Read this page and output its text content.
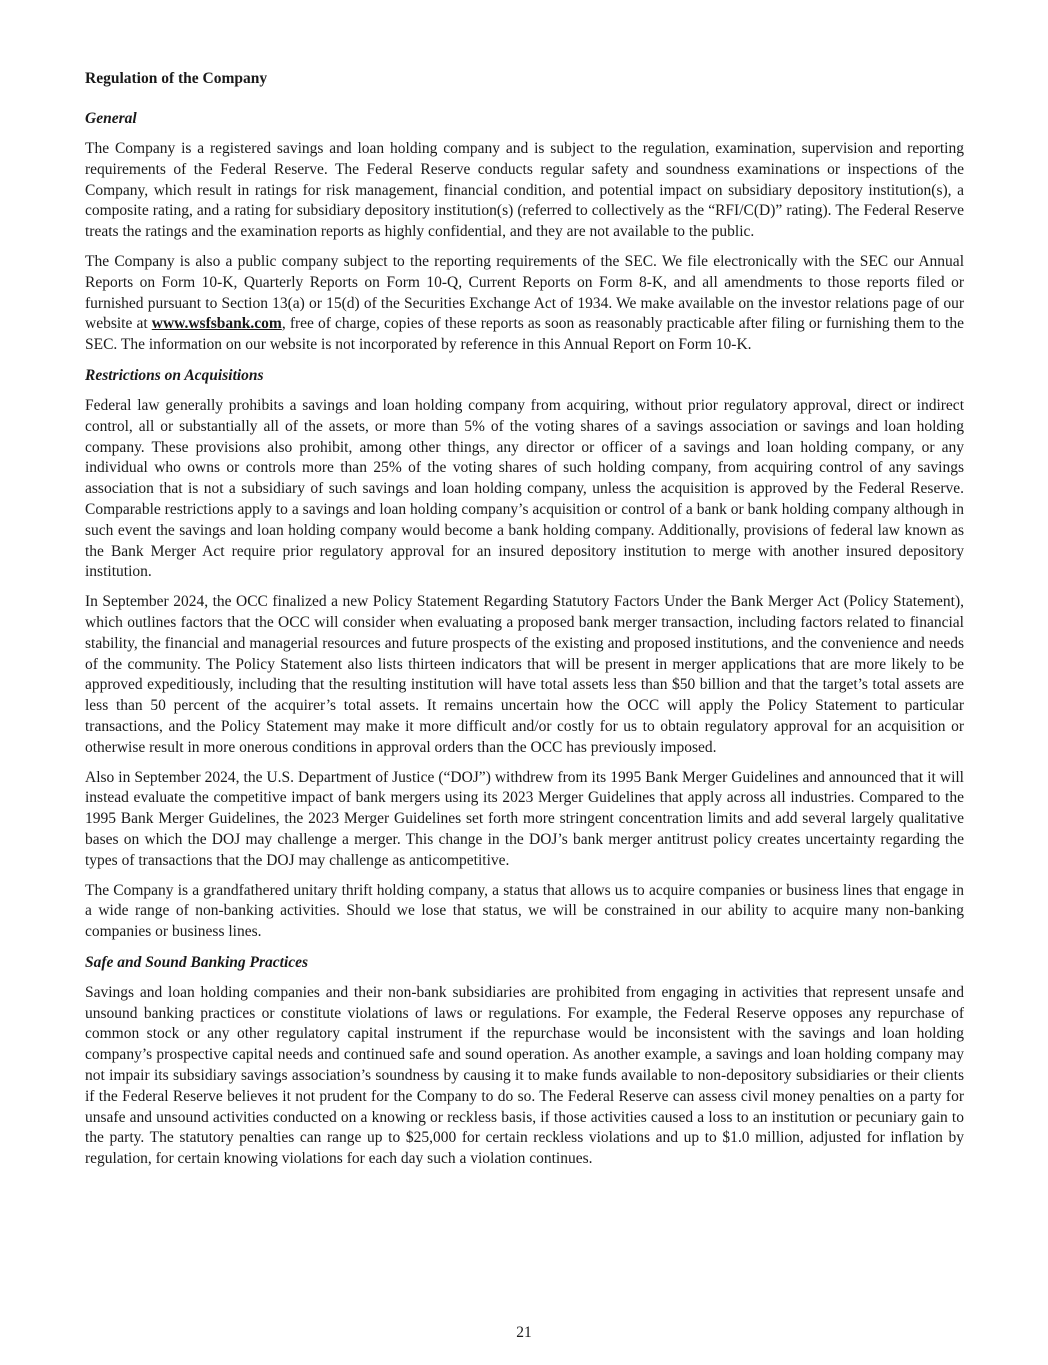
Regulation of the Company
General

The Company is a registered savings and loan holding company and is subject to the regulation, examination, supervision and reporting requirements of the Federal Reserve. The Federal Reserve conducts regular safety and soundness examinations or inspections of the Company, which result in ratings for risk management, financial condition, and potential impact on subsidiary depository institution(s), a composite rating, and a rating for subsidiary depository institution(s) (referred to collectively as the “RFI/C(D)” rating). The Federal Reserve treats the ratings and the examination reports as highly confidential, and they are not available to the public.

The Company is also a public company subject to the reporting requirements of the SEC. We file electronically with the SEC our Annual Reports on Form 10-K, Quarterly Reports on Form 10-Q, Current Reports on Form 8-K, and all amendments to those reports filed or furnished pursuant to Section 13(a) or 15(d) of the Securities Exchange Act of 1934. We make available on the investor relations page of our website at www.wsfsbank.com, free of charge, copies of these reports as soon as reasonably practicable after filing or furnishing them to the SEC. The information on our website is not incorporated by reference in this Annual Report on Form 10-K.

Restrictions on Acquisitions

Federal law generally prohibits a savings and loan holding company from acquiring, without prior regulatory approval, direct or indirect control, all or substantially all of the assets, or more than 5% of the voting shares of a savings association or savings and loan holding company. These provisions also prohibit, among other things, any director or officer of a savings and loan holding company, or any individual who owns or controls more than 25% of the voting shares of such holding company, from acquiring control of any savings association that is not a subsidiary of such savings and loan holding company, unless the acquisition is approved by the Federal Reserve. Comparable restrictions apply to a savings and loan holding company’s acquisition or control of a bank or bank holding company although in such event the savings and loan holding company would become a bank holding company. Additionally, provisions of federal law known as the Bank Merger Act require prior regulatory approval for an insured depository institution to merge with another insured depository institution.

In September 2024, the OCC finalized a new Policy Statement Regarding Statutory Factors Under the Bank Merger Act (Policy Statement), which outlines factors that the OCC will consider when evaluating a proposed bank merger transaction, including factors related to financial stability, the financial and managerial resources and future prospects of the existing and proposed institutions, and the convenience and needs of the community. The Policy Statement also lists thirteen indicators that will be present in merger applications that are more likely to be approved expeditiously, including that the resulting institution will have total assets less than $50 billion and that the target’s total assets are less than 50 percent of the acquirer’s total assets. It remains uncertain how the OCC will apply the Policy Statement to particular transactions, and the Policy Statement may make it more difficult and/or costly for us to obtain regulatory approval for an acquisition or otherwise result in more onerous conditions in approval orders than the OCC has previously imposed.

Also in September 2024, the U.S. Department of Justice (“DOJ”) withdrew from its 1995 Bank Merger Guidelines and announced that it will instead evaluate the competitive impact of bank mergers using its 2023 Merger Guidelines that apply across all industries. Compared to the 1995 Bank Merger Guidelines, the 2023 Merger Guidelines set forth more stringent concentration limits and add several largely qualitative bases on which the DOJ may challenge a merger. This change in the DOJ’s bank merger antitrust policy creates uncertainty regarding the types of transactions that the DOJ may challenge as anticompetitive.

The Company is a grandfathered unitary thrift holding company, a status that allows us to acquire companies or business lines that engage in a wide range of non-banking activities. Should we lose that status, we will be constrained in our ability to acquire many non-banking companies or business lines.

Safe and Sound Banking Practices

Savings and loan holding companies and their non-bank subsidiaries are prohibited from engaging in activities that represent unsafe and unsound banking practices or constitute violations of laws or regulations. For example, the Federal Reserve opposes any repurchase of common stock or any other regulatory capital instrument if the repurchase would be inconsistent with the savings and loan holding company’s prospective capital needs and continued safe and sound operation. As another example, a savings and loan holding company may not impair its subsidiary savings association’s soundness by causing it to make funds available to non-depository subsidiaries or their clients if the Federal Reserve believes it not prudent for the Company to do so. The Federal Reserve can assess civil money penalties on a party for unsafe and unsound activities conducted on a knowing or reckless basis, if those activities caused a loss to an institution or pecuniary gain to the party. The statutory penalties can range up to $25,000 for certain reckless violations and up to $1.0 million, adjusted for inflation by regulation, for certain knowing violations for each day such a violation continues.

21
